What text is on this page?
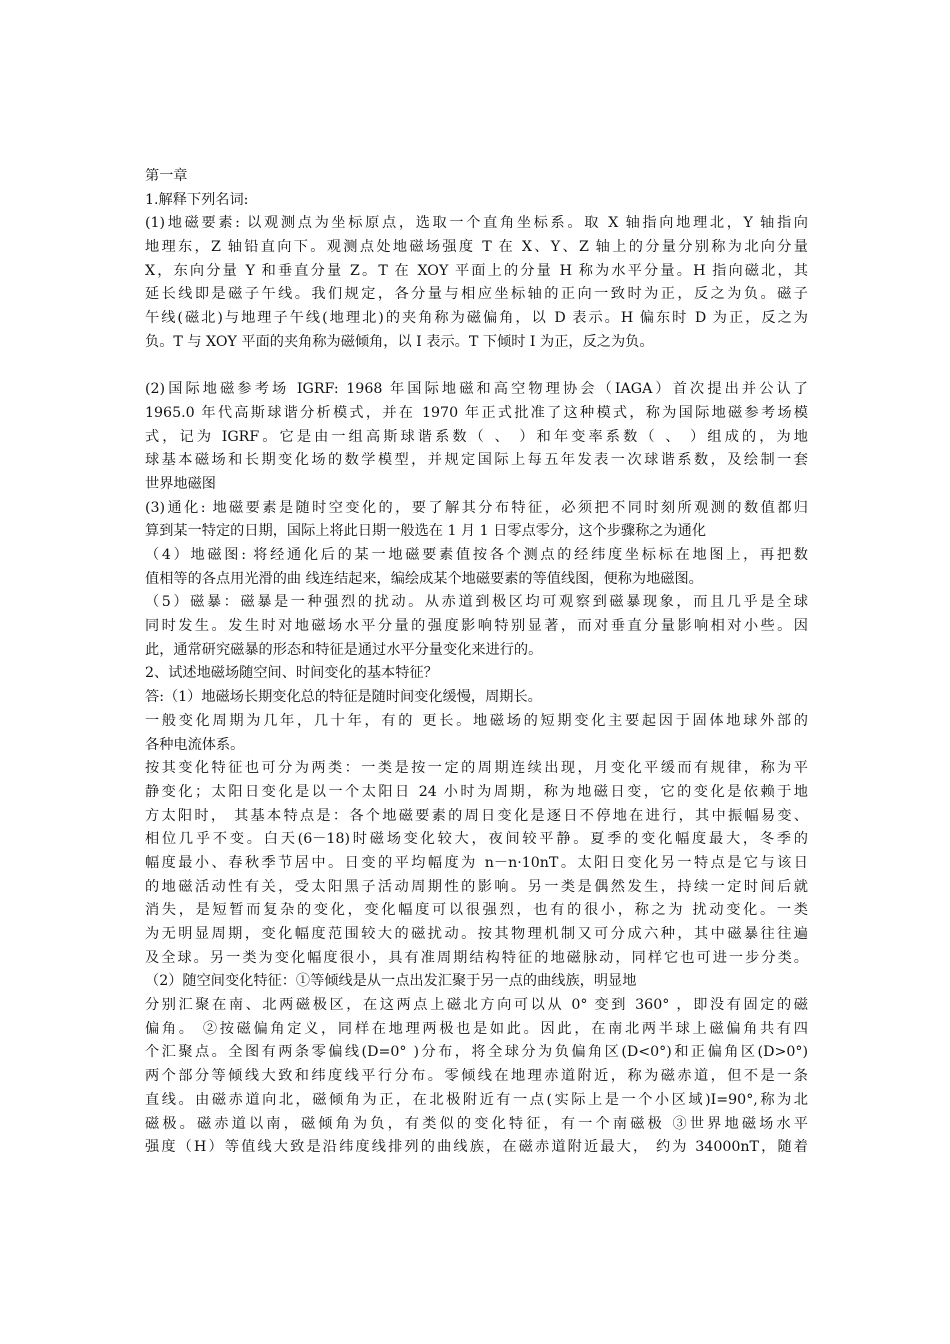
第一章
1.解释下列名词:
(1)地磁要素: 以观测点为坐标原点，选取一个直角坐标系。取 X 轴指向地理北，Y 轴指向
地理东，Z 轴铅直向下。观测点处地磁场强度 T 在 X、Y、Z 轴上的分量分别称为北向分量
X，东向分量 Y 和垂直分量 Z。T 在 XOY 平面上的分量 H 称为水平分量。H 指向磁北，其
延长线即是磁子午线。我们规定，各分量与相应坐标轴的正向一致时为正，反之为负。磁子
午线(磁北)与地理子午线(地理北)的夹角称为磁偏角，以 D 表示。H 偏东时 D 为正，反之为
负。T 与 XOY 平面的夹角称为磁倾角，以 I 表示。T 下倾时 I 为正，反之为负。
(2)国际地磁参考场 IGRF: 1968 年国际地磁和高空物理协会（IAGA）首次提出并公认了
1965.0 年代高斯球谐分析模式，并在 1970 年正式批准了这种模式，称为国际地磁参考场模
式，记为 IGRF。它是由一组高斯球谐系数（ 、 ）和年变率系数（ 、 ）组成的，为地
球基本磁场和长期变化场的数学模型，并规定国际上每五年发表一次球谐系数，及绘制一套
世界地磁图
(3)通化: 地磁要素是随时空变化的，要了解其分布特征，必须把不同时刻所观测的数值都归
算到某一特定的日期，国际上将此日期一般选在 1 月 1 日零点零分，这个步骤称之为通化
（4）地磁图: 将经通化后的某一地磁要素值按各个测点的经纬度坐标标在地图上，再把数
值相等的各点用光滑的曲 线连结起来，编绘成某个地磁要素的等值线图，便称为地磁图。
（5）磁暴：磁暴是一种强烈的扰动。从赤道到极区均可观察到磁暴现象，而且几乎是全球
同时发生。发生时对地磁场水平分量的强度影响特别显著，而对垂直分量影响相对小些。因
此，通常研究磁暴的形态和特征是通过水平分量变化来进行的。
2、试述地磁场随空间、时间变化的基本特征？
答:（1）地磁场长期变化总的特征是随时间变化缓慢，周期长。
一般变化周期为几年，几十年，有的 更长。地磁场的短期变化主要起因于固体地球外部的
各种电流体系。
按其变化特征也可分为两类：一类是按一定的周期连续出现，月变化平缓而有规律，称为平
静变化；太阳日变化是以一个太阳日 24 小时为周期，称为地磁日变，它的变化是依赖于地
方太阳时， 其基本特点是：各个地磁要素的周日变化是逐日不停地在进行，其中振幅易变、
相位几乎不变。白天(6－18)时磁场变化较大，夜间较平静。夏季的变化幅度最大，冬季的
幅度最小、春秋季节居中。日变的平均幅度为 n－n·10nT。太阳日变化另一特点是它与该日
的地磁活动性有关，受太阳黑子活动周期性的影响。另一类是偶然发生，持续一定时间后就
消失，是短暂而复杂的变化，变化幅度可以很强烈，也有的很小，称之为 扰动变化。一类
为无明显周期，变化幅度范围较大的磁扰动。按其物理机制又可分成六种，其中磁暴往往遍
及全球。另一类为变化幅度很小，具有准周期结构特征的地磁脉动，同样它也可进一步分类。
（2）随空间变化特征：①等倾线是从一点出发汇聚于另一点的曲线族，明显地
分别汇聚在南、北两磁极区，在这两点上磁北方向可以从 0° 变到 360° ，即没有固定的磁
偏角。 ②按磁偏角定义，同样在地理两极也是如此。因此，在南北两半球上磁偏角共有四
个汇聚点。全图有两条零偏线(D=0° )分布，将全球分为负偏角区(D<0°)和正偏角区(D>0°)
两个部分等倾线大致和纬度线平行分布。零倾线在地理赤道附近，称为磁赤道，但不是一条
直线。由磁赤道向北，磁倾角为正，在北极附近有一点(实际上是一个小区域)I=90°,称为北
磁极。磁赤道以南，磁倾角为负，有类似的变化特征，有一个南磁极 ③世界地磁场水平
强度（H）等值线大致是沿纬度线排列的曲线族，在磁赤道附近最大， 约为 34000nT，随着
